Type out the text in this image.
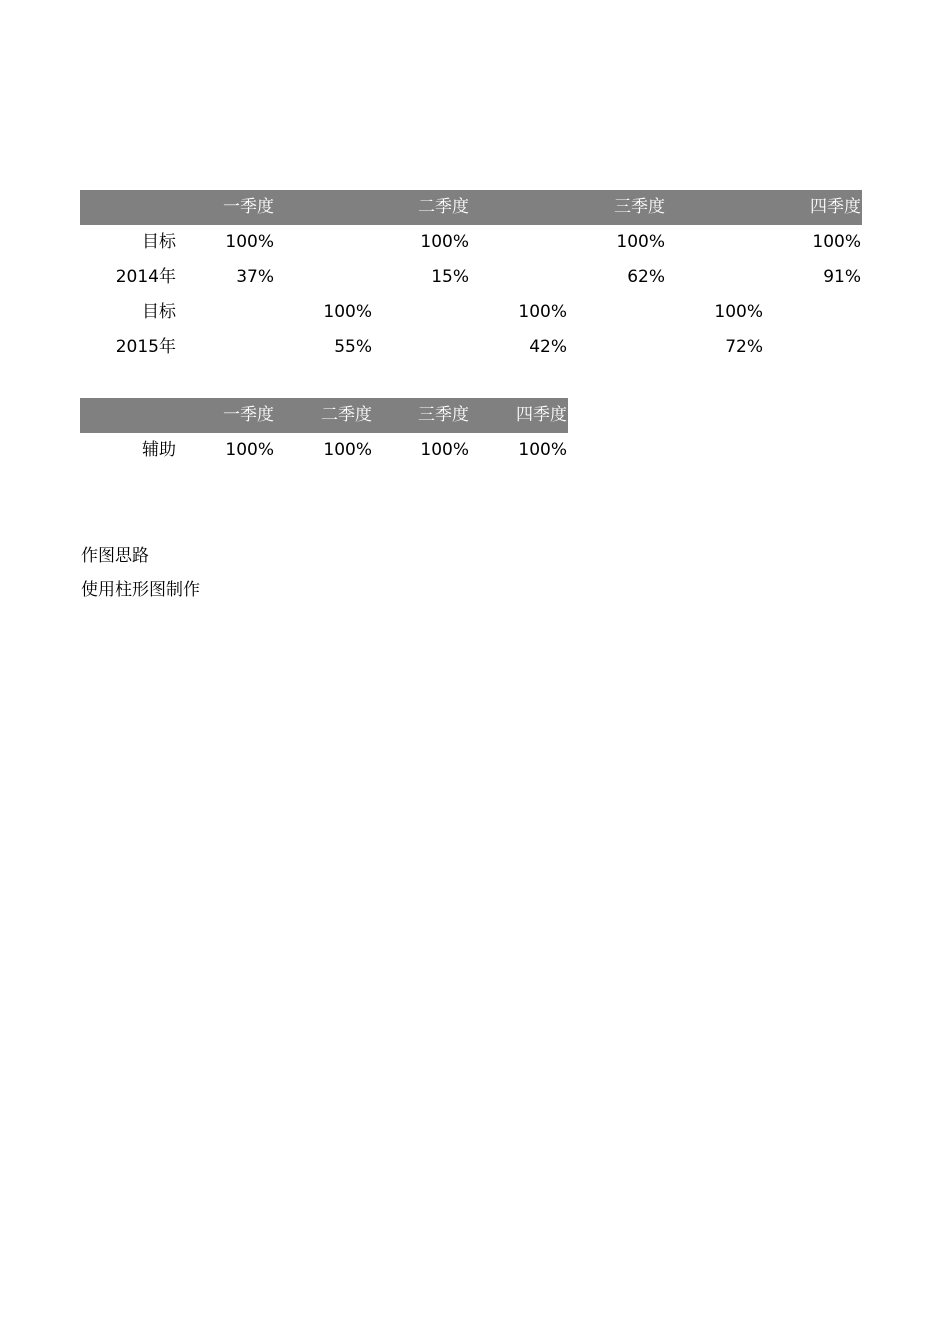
一季度	二季度	三季度	四季度
目标	100%	100%	100%	100%
2014年	37%	15%	62%	91%
目标	100%	100%	100%
2015年	55%	42%	72%
一季度	二季度	三季度	四季度
辅助	100%	100%	100%	100%
作图思路
使用柱形图制作
